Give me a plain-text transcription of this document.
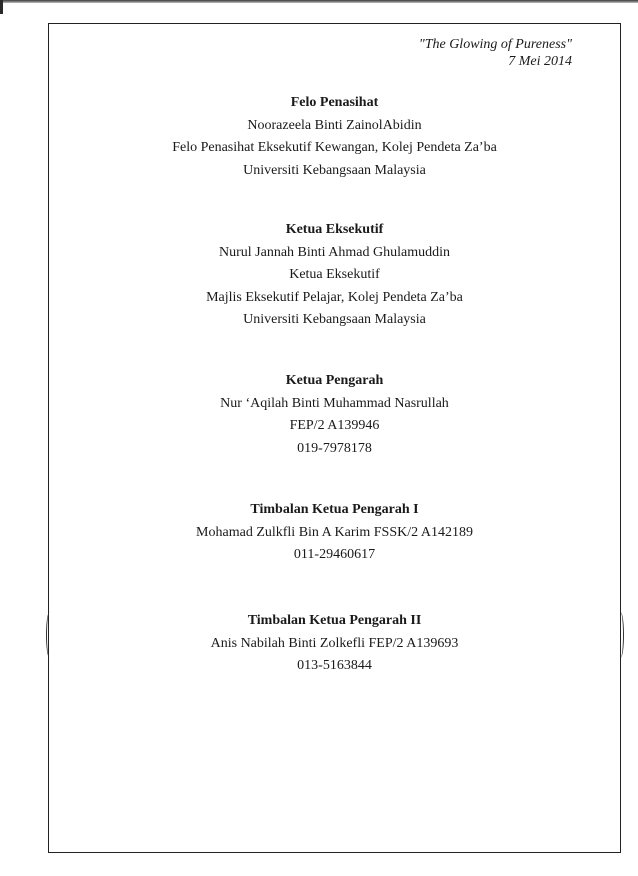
"The Glowing of Pureness"
7 Mei 2014
Felo Penasihat
Noorazeela Binti ZainolAbidin
Felo Penasihat Eksekutif Kewangan, Kolej Pendeta Za’ba
Universiti Kebangsaan Malaysia
Ketua Eksekutif
Nurul Jannah Binti Ahmad Ghulamuddin
Ketua Eksekutif
Majlis Eksekutif Pelajar, Kolej Pendeta Za’ba
Universiti Kebangsaan Malaysia
Ketua Pengarah
Nur ‘Aqilah Binti Muhammad Nasrullah
FEP/2 A139946
019-7978178
Timbalan Ketua Pengarah I
Mohamad Zulkfli Bin A Karim FSSK/2 A142189
011-29460617
Timbalan Ketua Pengarah II
Anis Nabilah Binti Zolkefli FEP/2 A139693
013-5163844
